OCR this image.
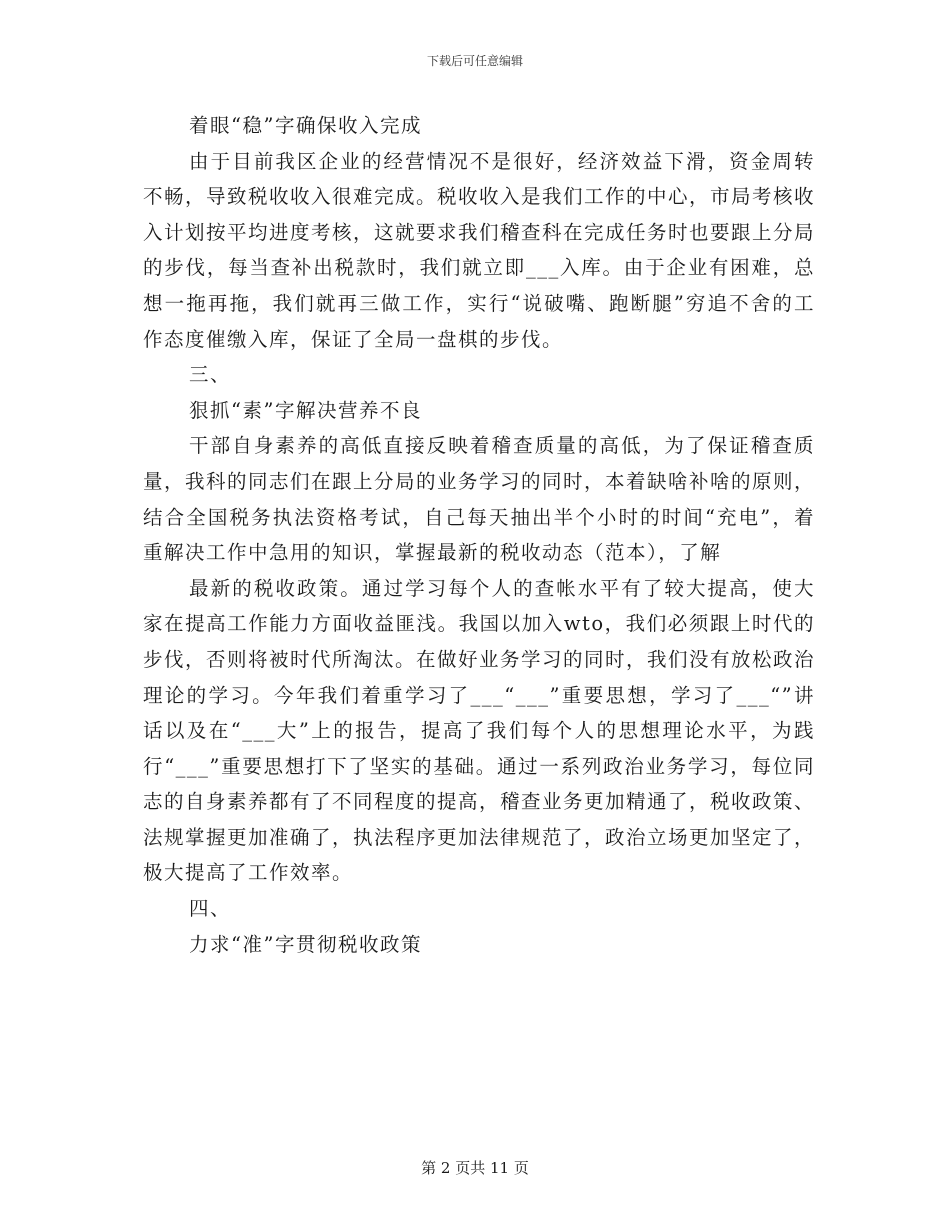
下载后可任意编辑

着眼“稳”字确保收入完成

由于目前我区企业的经营情况不是很好，经济效益下滑，资金周转不畅，导致税收收入很难完成。税收收入是我们工作的中心，市局考核收入计划按平均进度考核，这就要求我们稽查科在完成任务时也要跟上分局的步伐，每当查补出税款时，我们就立即___入库。由于企业有困难，总想一拖再拖，我们就再三做工作，实行“说破嘴、跑断腿”穷追不舍的工作态度催缴入库，保证了全局一盘棋的步伐。

三、

狠抓“素”字解决营养不良

干部自身素养的高低直接反映着稽查质量的高低，为了保证稽查质量，我科的同志们在跟上分局的业务学习的同时，本着缺啥补啥的原则，结合全国税务执法资格考试，自己每天抽出半个小时的时间“充电”，着重解决工作中急用的知识，掌握最新的税收动态（范本），了解

最新的税收政策。通过学习每个人的查帐水平有了较大提高，使大家在提高工作能力方面收益匪浅。我国以加入wto，我们必须跟上时代的步伐，否则将被时代所淘汰。在做好业务学习的同时，我们没有放松政治理论的学习。今年我们着重学习了___“___”重要思想，学习了___“”讲话以及在“___大”上的报告，提高了我们每个人的思想理论水平，为践行“___”重要思想打下了坚实的基础。通过一系列政治业务学习，每位同志的自身素养都有了不同程度的提高，稽查业务更加精通了，税收政策、法规掌握更加准确了，执法程序更加法律规范了，政治立场更加坚定了，极大提高了工作效率。

四、

力求“准”字贯彻税收政策

第 2 页共 11 页
